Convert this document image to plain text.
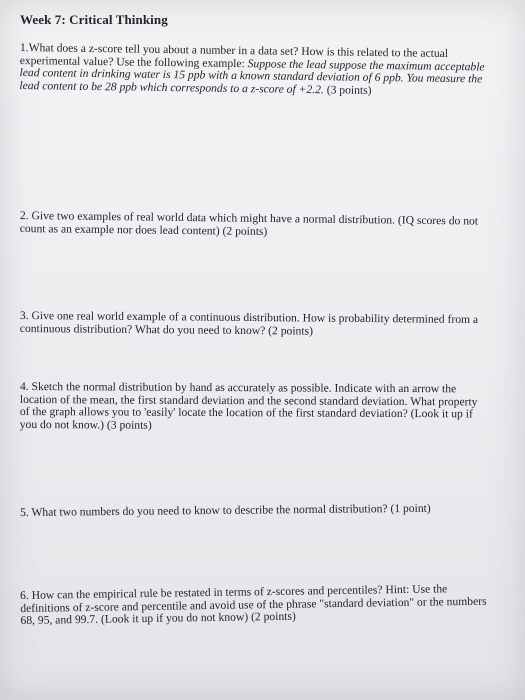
Week 7: Critical Thinking
1.What does a z-score tell you about a number in a data set? How is this related to the actual experimental value? Use the following example: Suppose the lead suppose the maximum acceptable lead content in drinking water is 15 ppb with a known standard deviation of 6 ppb. You measure the lead content to be 28 ppb which corresponds to a z-score of +2.2. (3 points)
2. Give two examples of real world data which might have a normal distribution. (IQ scores do not count as an example nor does lead content) (2 points)
3. Give one real world example of a continuous distribution. How is probability determined from a continuous distribution? What do you need to know? (2 points)
4. Sketch the normal distribution by hand as accurately as possible. Indicate with an arrow the location of the mean, the first standard deviation and the second standard deviation. What property of the graph allows you to 'easily' locate the location of the first standard deviation? (Look it up if you do not know.) (3 points)
5. What two numbers do you need to know to describe the normal distribution? (1 point)
6. How can the empirical rule be restated in terms of z-scores and percentiles? Hint: Use the definitions of z-score and percentile and avoid use of the phrase "standard deviation" or the numbers 68, 95, and 99.7. (Look it up if you do not know) (2 points)
